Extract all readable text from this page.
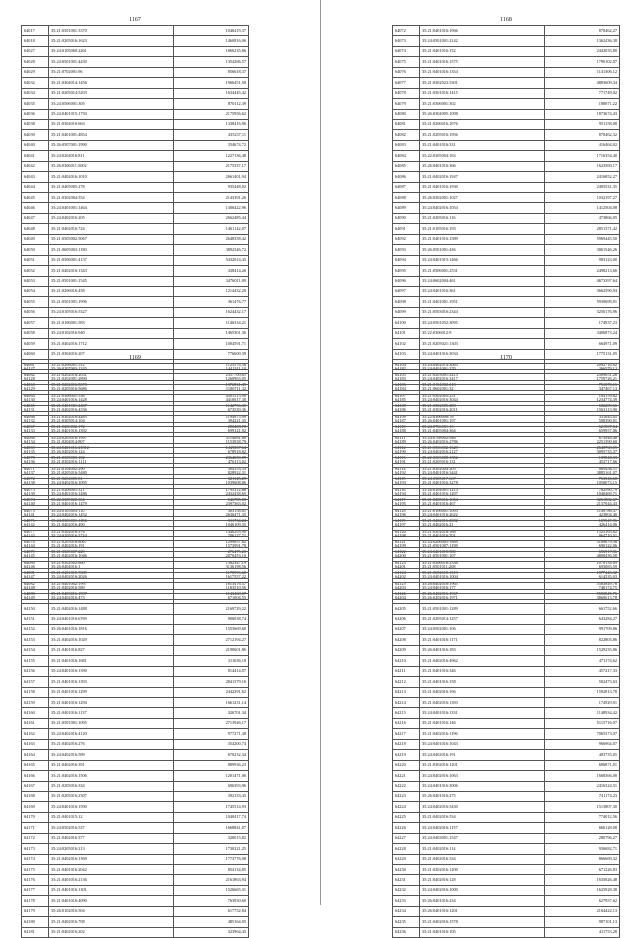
1167
64017	35:21:0501001:3370	1046419,37
64018	35:21:0205016:1623	1460816,06
64027	35:24:0105060:2261	1866235,86
64028	35:24:0501001:4430	1354286,57
64029	35:21:0702001:96	856618,37
64032	35:21:0304014:1456	1966451,58
64034	35:21:0205014:5203	1634445,42
64035	35:24:0506001:305	870112,39
64036	35:24:0401015:1750	2175956,62
64038	35:21:0304016:663	1338416,96
64039	35:21:0401001:4854	435237,11
64040	35:26:0507001:1990	354674,72
64041	35:24:0204016:811	1227136,48
64042	35:26:0306011:5002	2175337,17
64043	35:21:0402016:1010	2661401,94
64044	35:21:0405005:278	935448,02
64045	35:21:0302004:554	2143391,26
64046	35:24:0401001:1464	1306422,96
64047	35:24:0402016:205	2662485,44
64048	35:21:0402016:724	1461142,07
64049	35:21:0505002:5067	2648358,42
64050	35:21:0605003:1180	3892346,72
64051	35:21:0506001:4137	5432014,43
64052	35:21:0402016:1343	438414,26
64053	35:21:0501001:1545	3476011,09
64054	35:21:0206016:458	1214432,20
64055	35:21:0501001:1996	361476,77
64056	35:24:0105016:5327	1624432,17
64057	35:21:0106001:583	1146334,21
64058	35:24:0102016:940	1465301,36
64059	35:21:0402016:1712	1004591,71
64060	35:21:0304016:207	776600,39
64061	35:21:0206001:512	1125576,56
64062	35:21:0202016:2031	2357700,81
64063	35:21:0202016:5673	1376831,49
64064	35:21:0306001:536	4501513,90
64065	35:21:0401001:2437	1142756,30
64066	35:21:0302016:4485	1194975,99
64067	35:21:0206002:172	280408,70
64068	35:24:0205016:1997	3114081,60
64069	35:24:0401016:21812	1449067,64
64070	35:21:0305003:102	2364650,09
64071	35:21:0104002:290	304153,33
64072	35:21:0204005:81	321125,29
64073	35:21:0206001:311	1795312,66
64074	35:22:0305020:354	546705,00
64075	35:24:0105003:110	303158,01
64076	35:24:0306001:1184	311734,24
64077	35:21:0302016:376	1440293,90
64078	35:21:0205016:8067	1299657,62
64079	35:21:0305007:229	276475,20
64080	35:21:0502002:860	1362347,19
64081	35:21:0401015:7689	1170996,68
64082	35:21:0401002:1997	1613476,57
64083	35:21:0403016:1997	1143468,07
1168
64072	35:21:0401016:1966	870462,27
64073	35:24:0301001:2142	1362436,38
64074	35:21:0401016:152	2442035,80
64075	35:21:0401016:1575	1790102,07
64076	35:21:0401016:1354	1141306,12
64077	35:21:0302023:5301	4883609,34
64078	35:21:0301016:1415	771749,02
64079	35:21:0306001:302	188071,22
64080	35:26:0304005:1098	1873674,43
64081	35:21:0206016:1676	951158,08
64082	35:21:0205016:1956	870462,32
64083	35:21:0401016:331	416464,02
64084	35:22:0305004:163	1716354,40
64085	35:26:0401016:366	1623569,17
64086	35:21:0402016:1947	2416852,27
64087	35:21:0401016:1930	2405531,35
64088	35:26:0302001:1027	1032197,27
64089	35:24:0402016:1054	1412504,08
64090	35:21:0205016:116	473866,05
64091	35:21:0105016:193	2851371,42
64092	35:21:0401016:1589	5969445,50
64093	35:26:0501001:436	3061546,26
64094	35:24:0401015:1466	983123,00
64095	35:21:0506001:2531	2498213,66
64096	35:24:0602004:461	4673397,64
64097	35:24:0401016:361	3662590,94
64098	35:21:0401001:1951	5930699,01
64099	35:21:0503016:2344	3256176,96
64100	35:24:0501052:3095	174937,23
64101	35:22:0306012:9	3406873,24
64102	35:21:0205021:1303	664971,09
64103	35:24:0401016:3034	1775131,05
64104	35:24:0402014:3063	2092716,82
64105	35:21:0203001:2413	2509051,26
64106	35:21:0104002:213	751070,16
64107	35:21:0302005:251	104159,62
64108	35:21:0302005:208	682209,66
64109	35:22:0306008:76	331845,05
64110	35:24:0766001:13	621907,54
64111	35:24:0708002:946	675948,40
64112	35:21:0506002:1629	2648768,09
64113	35:22:0303008:1352	109840,33
64114	35:21:0302004:305	869436,11
64115	35:24:0305017:667	763546,68
64116	35:26:0304001:1213	782590,79
64117	35:21:0205016:1654	3261882,67
64118	35:21:0106001:1093	1149786,37
64119	35:21:0402016:2002	109947,96
64120	35:21:0302016:168	1525165,62
64121	35:24:0206005:1889	3169679,56
64122	35:24:0401015:580	653917,86
64123	35:21:0306016:2336	1070134,09
64124	35:21:0502018:1519	1877443,32
64125	35:26:0402016:1965	5583849,76
64126	35:26:0402016:1967	5583849,76
1169
64127	35:26:0207003:1335	1441311,10
64128	35:21:0202001:2890	1260963,05
64129	35:21:0205016:5686	1106711,32
64130	35:24:0401016:1428	4410617,30
64131	35:21:0402016:4336	673539,36
64132	35:21:0305014:104	394221,35
64133	35:21:0401016:1392	699121,92
64134	35:21:0204014:807	1153938,79
64135	35:26:0402016:124	678918,82
64136	35:21:0302016:1111	476113,02
64137	35:21:0205016:5480	828922,31
64138	35:24:0402016:1095	1039608,86
64139	35:24:0401016:1486	2432438,65
64140	35:21:0401016:1479	2397363,02
64141	35:24:0402016:1452	2636471,35
64142	35:21:0402016:490	1046109,35
64143	35:24:0205016:5710	706127,71
64144	35:21:0402016:191	1573991,78
64145	35:21:0402016:1046	2070453,10
64146	35:26:0404016:1	3136198,56
64147	35:24:0402016:2026	1617557,22
64148	35:21:0402016:589	1183510,56
64149	35:24:0402016:473	671004,55
64150	35:21:0402016:1488	2169729,22
64151	35:24:0401016:6769	906038,74
64152	35:26:0401016:1816	1553669,60
64153	35:21:0402016:1029	2712194,27
64154	35:21:0401016:827	2190601,86
64155	35:21:0401016:1681	311636,18
64156	35:24:0401016:1390	814414,07
64157	35:21:0401016:1393	2841379,16
64158	35:21:0401016:1299	2442391,62
64159	35:21:0401016:1294	1661231,14
64160	35:21:0401016:1137	326701,34
64161	35:21:0501001:1095	2713946,17
64162	35:24:0402016:4120	977271,38
64163	35:21:0402016:276	354200,74
64164	35:24:0402016:589	670232,34
64165	35:21:0402016:391	889936,23
64166	35:21:0402016:1506	1201471,06
64167	35:21:0205016:334	696393,96
64168	35:21:0205016:2307	392133,43
64169	35:24:0401016:1590	1745514,93
64170	35:21:0401015:12	1040417,74
64171	35:24:0502016:537	1668841,07
64172	35:21:0402016:377	320015,82
64173	35:24:0205016:213	1730321,25
64174	35:21:0402016:1369	1773776,08
64175	35:21:0401016:2042	854134,85
64176	35:21:0401016:2136	2161863,94
64177	35:21:0401016:1301	1526665,31
64178	35:21:0401016:4090	763930,60
64179	35:26:0102016:504	617752,84
64180	35:21:0402016:708	485164,05
64181	35:21:0402016:202	323964,43
1170
64182	35:24:0401001:370	266579,12
64183	35:24:0402016:3417	1759726,21
64184	35:21:0602001:32	347467,13
64185	35:24:0402016:3044	1234774,39
64186	35:21:0302016:2011	1563113,90
64187	35:26:0401001:197	508390,01
64188	35:21:0405004:364	659957,06
64189	35:26:0402016:2786	2251390,60
64190	35:24:0402016:2127	3095735,37
64191	35:21:0205016:131	453717,66
64192	35:24:0401016:3441	3885161,07
64193	35:21:0401016:3278	1050073,15
64194	35:21:0401016:1207	1040469,71
64195	35:21:0401016:467	2137044,43
64196	35:24:0401016:2622	423804,40
64197	35:21:0402016:21	426414,06
64198	35:21:0401016:701	964710,51
64199	35:21:0501007:1198	690122,06
64200	35:21:0501001:107	4808436,58
64201	35:21:0501011:208	693083,59
64202	35:24:0401016:1004	614535,03
64203	35:24:0401016:177	748174,75
64204	35:26:0202016:1971	3860613,78
64205	35:21:0501001:1289	661752,66
64206	35:21:0205014:1257	643284,27
64207	35:24:0502001:106	991709,86
64208	35:21:0401016:1171	822803,86
64209	35:26:0401016:183	1529235,86
64210	35:21:0402016:4962	471174,62
64211	35:21:0401016:346	457217,33
64212	35:21:0401016:158	502473,63
64213	35:21:0402016:166	1592813,78
64214	35:21:0402016:1393	174929,01
64215	35:24:0401016:1331	1148934,42
64216	35:21:0401016:146	5115716,07
64217	35:21:0402016:1196	7065373,07
64218	35:24:0401016:1043	966964,07
64219	35:24:0402016:191	403735,05
64220	35:21:0302016:1201	686871,01
64221	35:24:0402016:1063	1668366,00
64222	35:24:0401016:3006	2416324,51
64223	35:26:0401016:275	741174,23
64224	35:24:0402016:5430	1513807,30
64225	35:21:0402016:534	774012,56
64226	35:24:0402016:1157	666128,08
64227	35:24:0403001:1547	280796,27
64228	35:21:0402016:114	936682,71
64229	35:21:0402016:334	866669,32
64230	35:21:0202016:1200	671226,83
64231	35:21:0402016:128	1635826,48
64232	35:24:0402016:1000	1625928,38
64233	35:26:0401016:234	627957,62
64234	35:26:0401016:1201	2164422,13
64235	35:21:0402016:1578	987101,13
64236	35:21:0401016:105	411753,28
